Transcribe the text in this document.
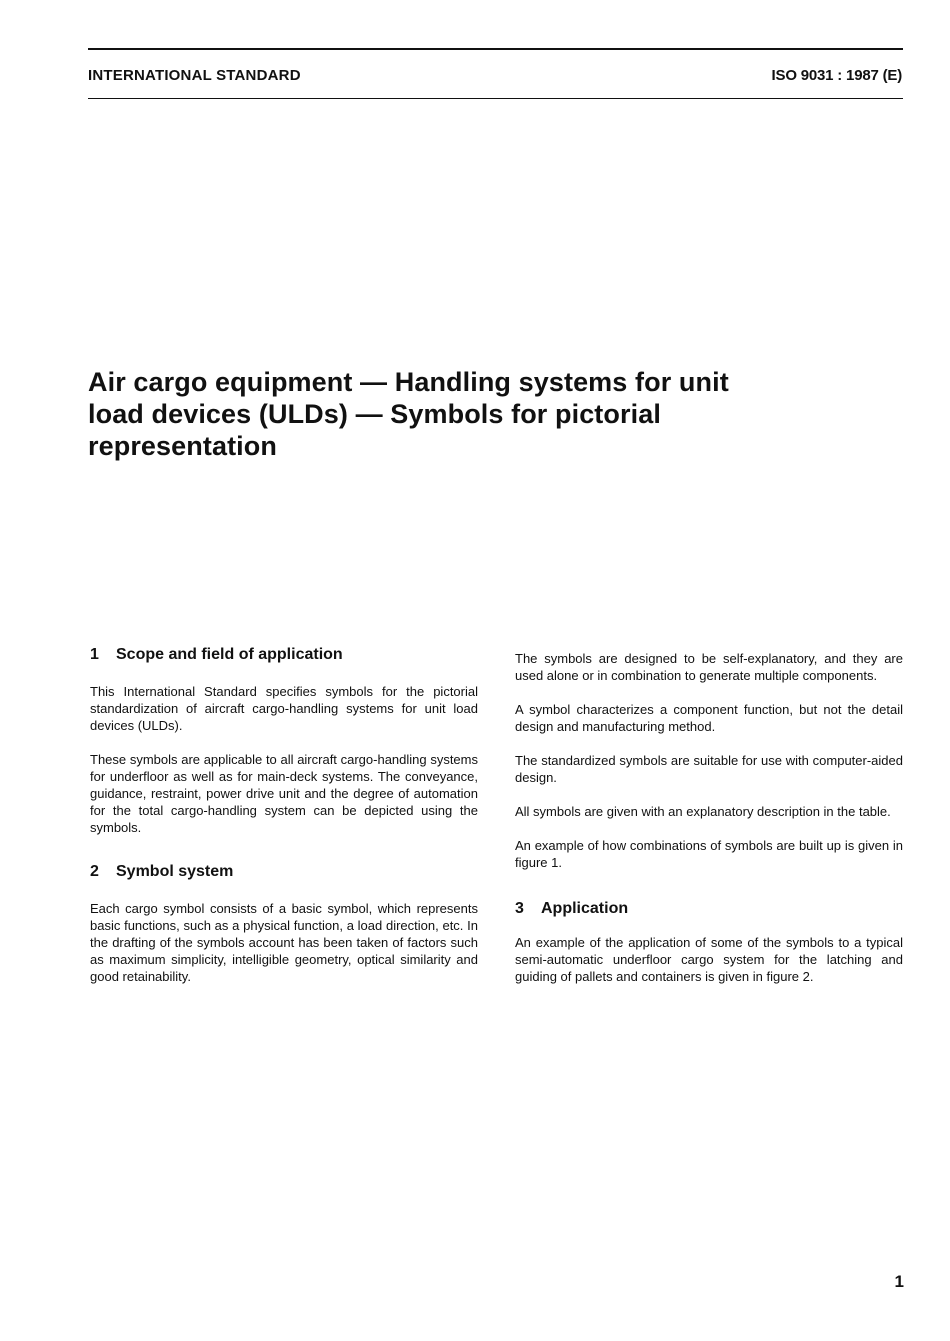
INTERNATIONAL STANDARD	ISO 9031 : 1987 (E)
Air cargo equipment — Handling systems for unit
load devices (ULDs) — Symbols for pictorial
representation
1 Scope and field of application

This International Standard specifies symbols for the pictorial standardization of aircraft cargo-handling systems for unit load devices (ULDs).

These symbols are applicable to all aircraft cargo-handling systems for underfloor as well as for main-deck systems. The conveyance, guidance, restraint, power drive unit and the degree of automation for the total cargo-handling system can be depicted using the symbols.

2 Symbol system

Each cargo symbol consists of a basic symbol, which represents basic functions, such as a physical function, a load direction, etc. In the drafting of the symbols account has been taken of factors such as maximum simplicity, intelligible geometry, optical similarity and good retainability.

The symbols are designed to be self-explanatory, and they are used alone or in combination to generate multiple components.

A symbol characterizes a component function, but not the detail design and manufacturing method.

The standardized symbols are suitable for use with computer-aided design.

All symbols are given with an explanatory description in the table.

An example of how combinations of symbols are built up is given in figure 1.

3 Application

An example of the application of some of the symbols to a typical semi-automatic underfloor cargo system for the latching and guiding of pallets and containers is given in figure 2.

1
